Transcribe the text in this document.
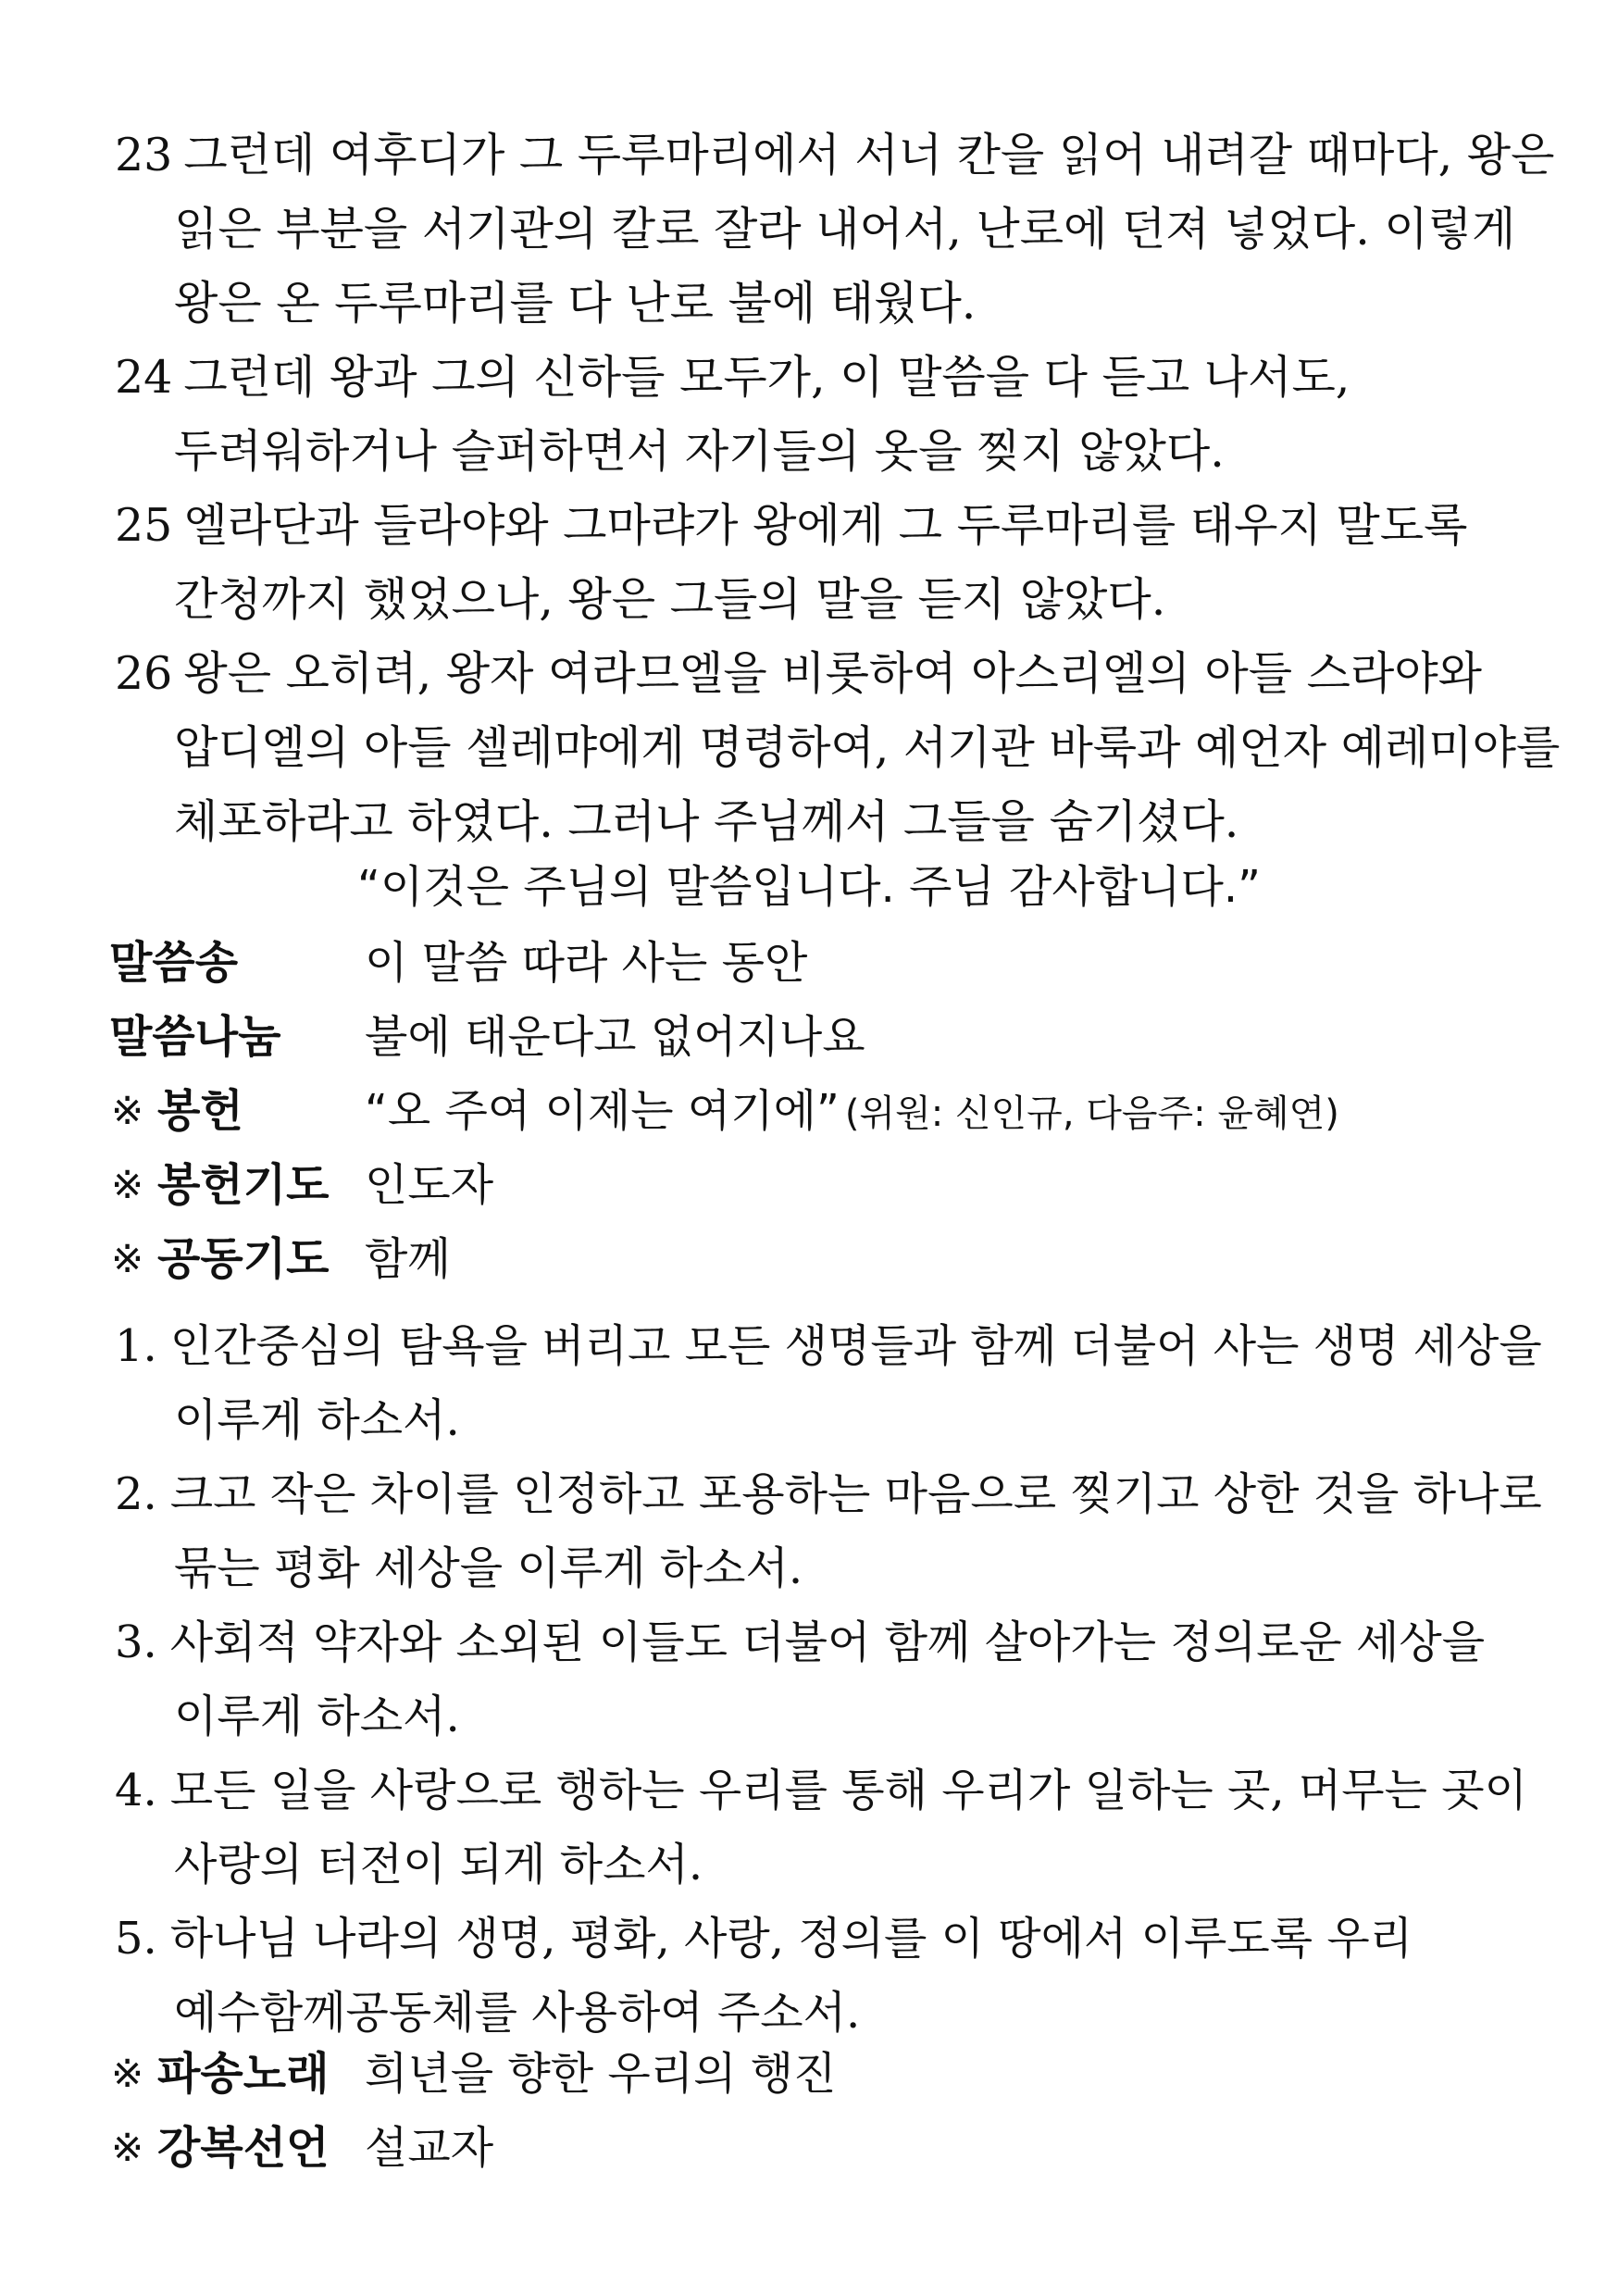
23 그런데 여후디가 그 두루마리에서 서너 칸을 읽어 내려갈 때마다, 왕은
읽은 부분을 서기관의 칼로 잘라 내어서, 난로에 던져 넣었다. 이렇게
왕은 온 두루마리를 다 난로 불에 태웠다.
24 그런데 왕과 그의 신하들 모두가, 이 말씀을 다 듣고 나서도,
두려워하거나 슬퍼하면서 자기들의 옷을 찢지 않았다.
25 엘라단과 들라야와 그마랴가 왕에게 그 두루마리를 태우지 말도록
간청까지 했었으나, 왕은 그들의 말을 듣지 않았다.
26 왕은 오히려, 왕자 여라므엘을 비롯하여 아스리엘의 아들 스라야와
압디엘의 아들 셀레먀에게 명령하여, 서기관 바룩과 예언자 예레미야를
체포하라고 하였다. 그러나 주님께서 그들을 숨기셨다.
“이것은 주님의 말씀입니다. 주님 감사합니다.”
말씀송	이 말씀 따라 사는 동안
말씀나눔 불에 태운다고 없어지나요
※ 봉헌	“오 주여 이제는 여기에” (위원: 신인규, 다음주: 윤혜연)
※ 봉헌기도 인도자
※ 공동기도 함께
1. 인간중심의 탐욕을 버리고 모든 생명들과 함께 더불어 사는 생명 세상을
이루게 하소서.
2. 크고 작은 차이를 인정하고 포용하는 마음으로 찢기고 상한 것을 하나로
묶는 평화 세상을 이루게 하소서.
3. 사회적 약자와 소외된 이들도 더불어 함께 살아가는 정의로운 세상을
이루게 하소서.
4. 모든 일을 사랑으로 행하는 우리를 통해 우리가 일하는 곳, 머무는 곳이
사랑의 터전이 되게 하소서.
5. 하나님 나라의 생명, 평화, 사랑, 정의를 이 땅에서 이루도록 우리
예수함께공동체를 사용하여 주소서.
※ 파송노래 희년을 향한 우리의 행진
※ 강복선언 설교자
